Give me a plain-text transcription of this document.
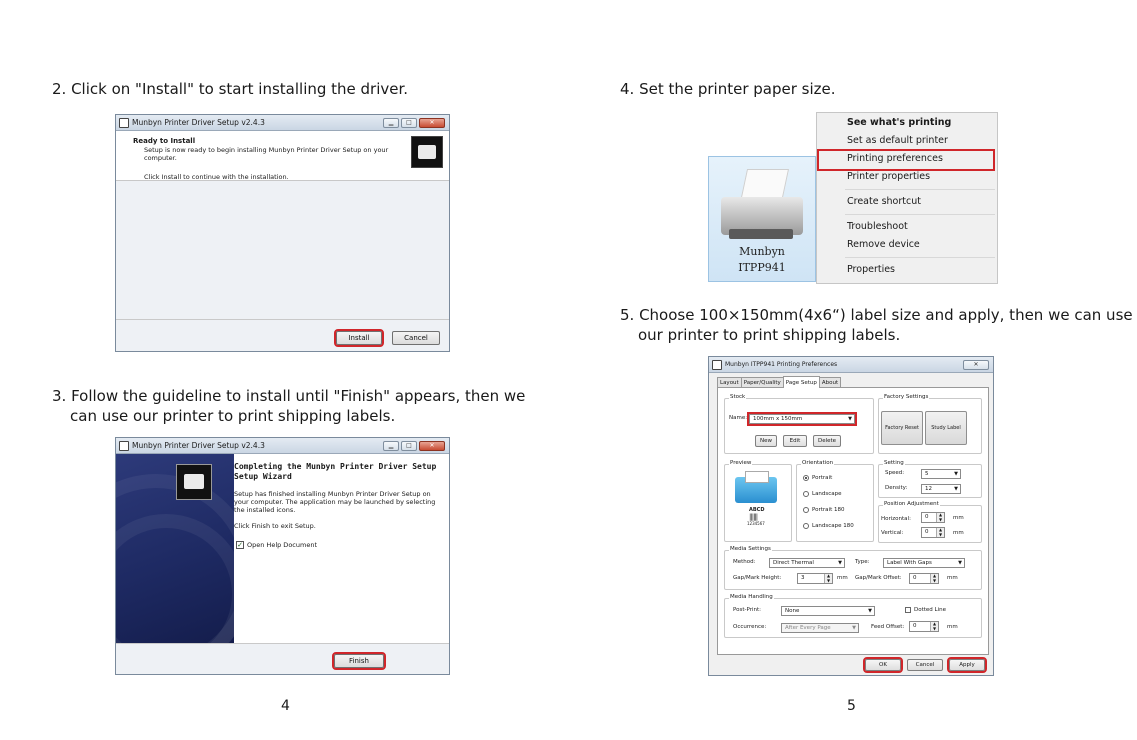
2. Click on "Install" to start installing the driver.
Munbyn Printer Driver Setup v2.4.3	▁	□	✕
Ready to Install
Setup is now ready to begin installing Munbyn Printer Driver Setup on your computer.
Click Install to continue with the installation.
Install	Cancel
3. Follow the guideline to install until "Finish" appears, then we
can use our printer to print shipping labels.
Munbyn Printer Driver Setup v2.4.3	▁	□	✕
Completing the Munbyn Printer Driver Setup Setup Wizard
Setup has finished installing Munbyn Printer Driver Setup on your computer. The application may be launched by selecting the installed icons.
Click Finish to exit Setup.
✓ Open Help Document
Finish
4
4. Set the printer paper size.
Munbyn
ITPP941
See what's printing
Set as default printer
Printing preferences
Printer properties
Create shortcut
Troubleshoot
Remove device
Properties
5. Choose 100×150mm(4x6“) label size and apply, then we can use
our printer to print shipping labels.
Munbyn ITPP941 Printing Preferences	✕
Layout Paper/Quality Page Setup About
Stock
Name:	100mm x 150mm	▼
New	Edit	Delete
Factory Settings
Factory Reset	Study Label
Preview
ABCD
||||||
1234567
Orientation
Portrait
Landscape
Portrait 180
Landscape 180
Setting
Speed:	5	▼
Density:	12	▼
Position Adjustment
Horizontal:	0	▲
▼	mm
Vertical:	0	▲
▼	mm
Media Settings
Method:	Direct Thermal	▼ Type:	Label With Gaps	▼
Gap/Mark Height:	3	▲
▼	mm Gap/Mark Offset:	0	▲
▼	mm
Media Handling
Post-Print:	None	▼	Dotted Line
Occurrence:	After Every Page	▼	Feed Offset:	0	▲
▼	mm
OK	Cancel	Apply
5
